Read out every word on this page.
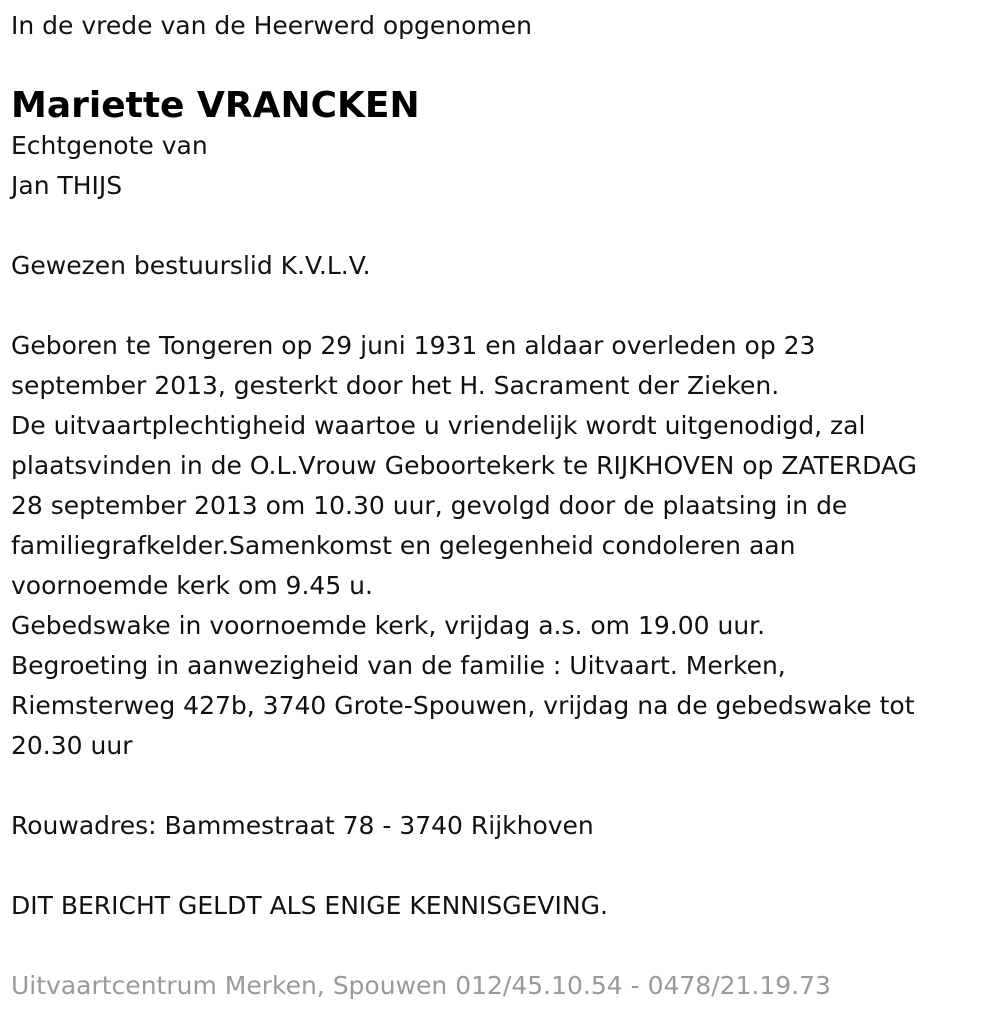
In de vrede van de Heerwerd opgenomen
Mariette VRANCKEN
Echtgenote van
Jan THIJS
Gewezen bestuurslid K.V.L.V.
Geboren te Tongeren op 29 juni 1931 en aldaar overleden op 23
september 2013, gesterkt door het H. Sacrament der Zieken.
De uitvaartplechtigheid waartoe u vriendelijk wordt uitgenodigd, zal
plaatsvinden in de O.L.Vrouw Geboortekerk te RIJKHOVEN op ZATERDAG
28 september 2013 om 10.30 uur, gevolgd door de plaatsing in de
familiegrafkelder.Samenkomst en gelegenheid condoleren aan
voornoemde kerk om 9.45 u.
Gebedswake in voornoemde kerk, vrijdag a.s. om 19.00 uur.
Begroeting in aanwezigheid van de familie : Uitvaart. Merken,
Riemsterweg 427b, 3740 Grote-Spouwen, vrijdag na de gebedswake tot
20.30 uur
Rouwadres: Bammestraat 78 - 3740 Rijkhoven
DIT BERICHT GELDT ALS ENIGE KENNISGEVING.
Uitvaartcentrum Merken, Spouwen 012/45.10.54 - 0478/21.19.73
